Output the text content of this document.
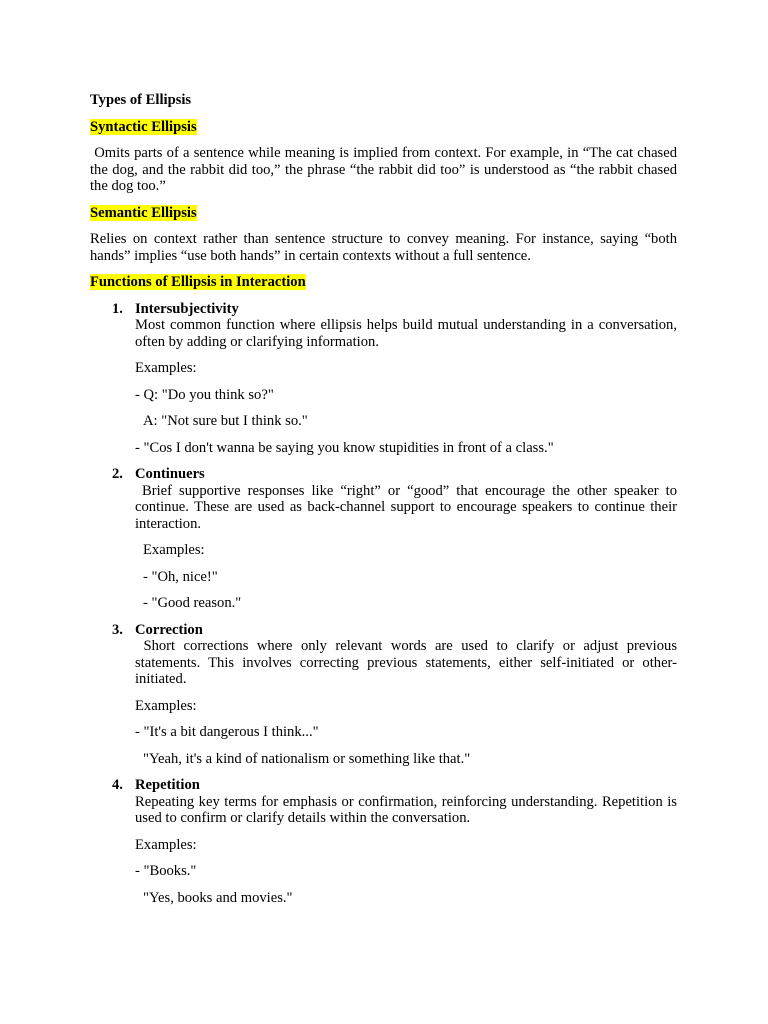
Types of Ellipsis
Syntactic Ellipsis
Omits parts of a sentence while meaning is implied from context. For example, in “The cat chased the dog, and the rabbit did too,” the phrase “the rabbit did too” is understood as “the rabbit chased the dog too.”
Semantic Ellipsis
Relies on context rather than sentence structure to convey meaning. For instance, saying “both hands” implies “use both hands” in certain contexts without a full sentence.
Functions of Ellipsis in Interaction
1. Intersubjectivity
Most common function where ellipsis helps build mutual understanding in a conversation, often by adding or clarifying information.
Examples:
- Q: "Do you think so?"
A: "Not sure but I think so."
- "Cos I don't wanna be saying you know stupidities in front of a class."
2. Continuers
Brief supportive responses like “right” or “good” that encourage the other speaker to continue. These are used as back-channel support to encourage speakers to continue their interaction.
Examples:
- "Oh, nice!"
- "Good reason."
3. Correction
Short corrections where only relevant words are used to clarify or adjust previous statements. This involves correcting previous statements, either self-initiated or other-initiated.
Examples:
- "It's a bit dangerous I think..."
"Yeah, it's a kind of nationalism or something like that."
4. Repetition
Repeating key terms for emphasis or confirmation, reinforcing understanding. Repetition is used to confirm or clarify details within the conversation.
Examples:
- "Books."
"Yes, books and movies."
